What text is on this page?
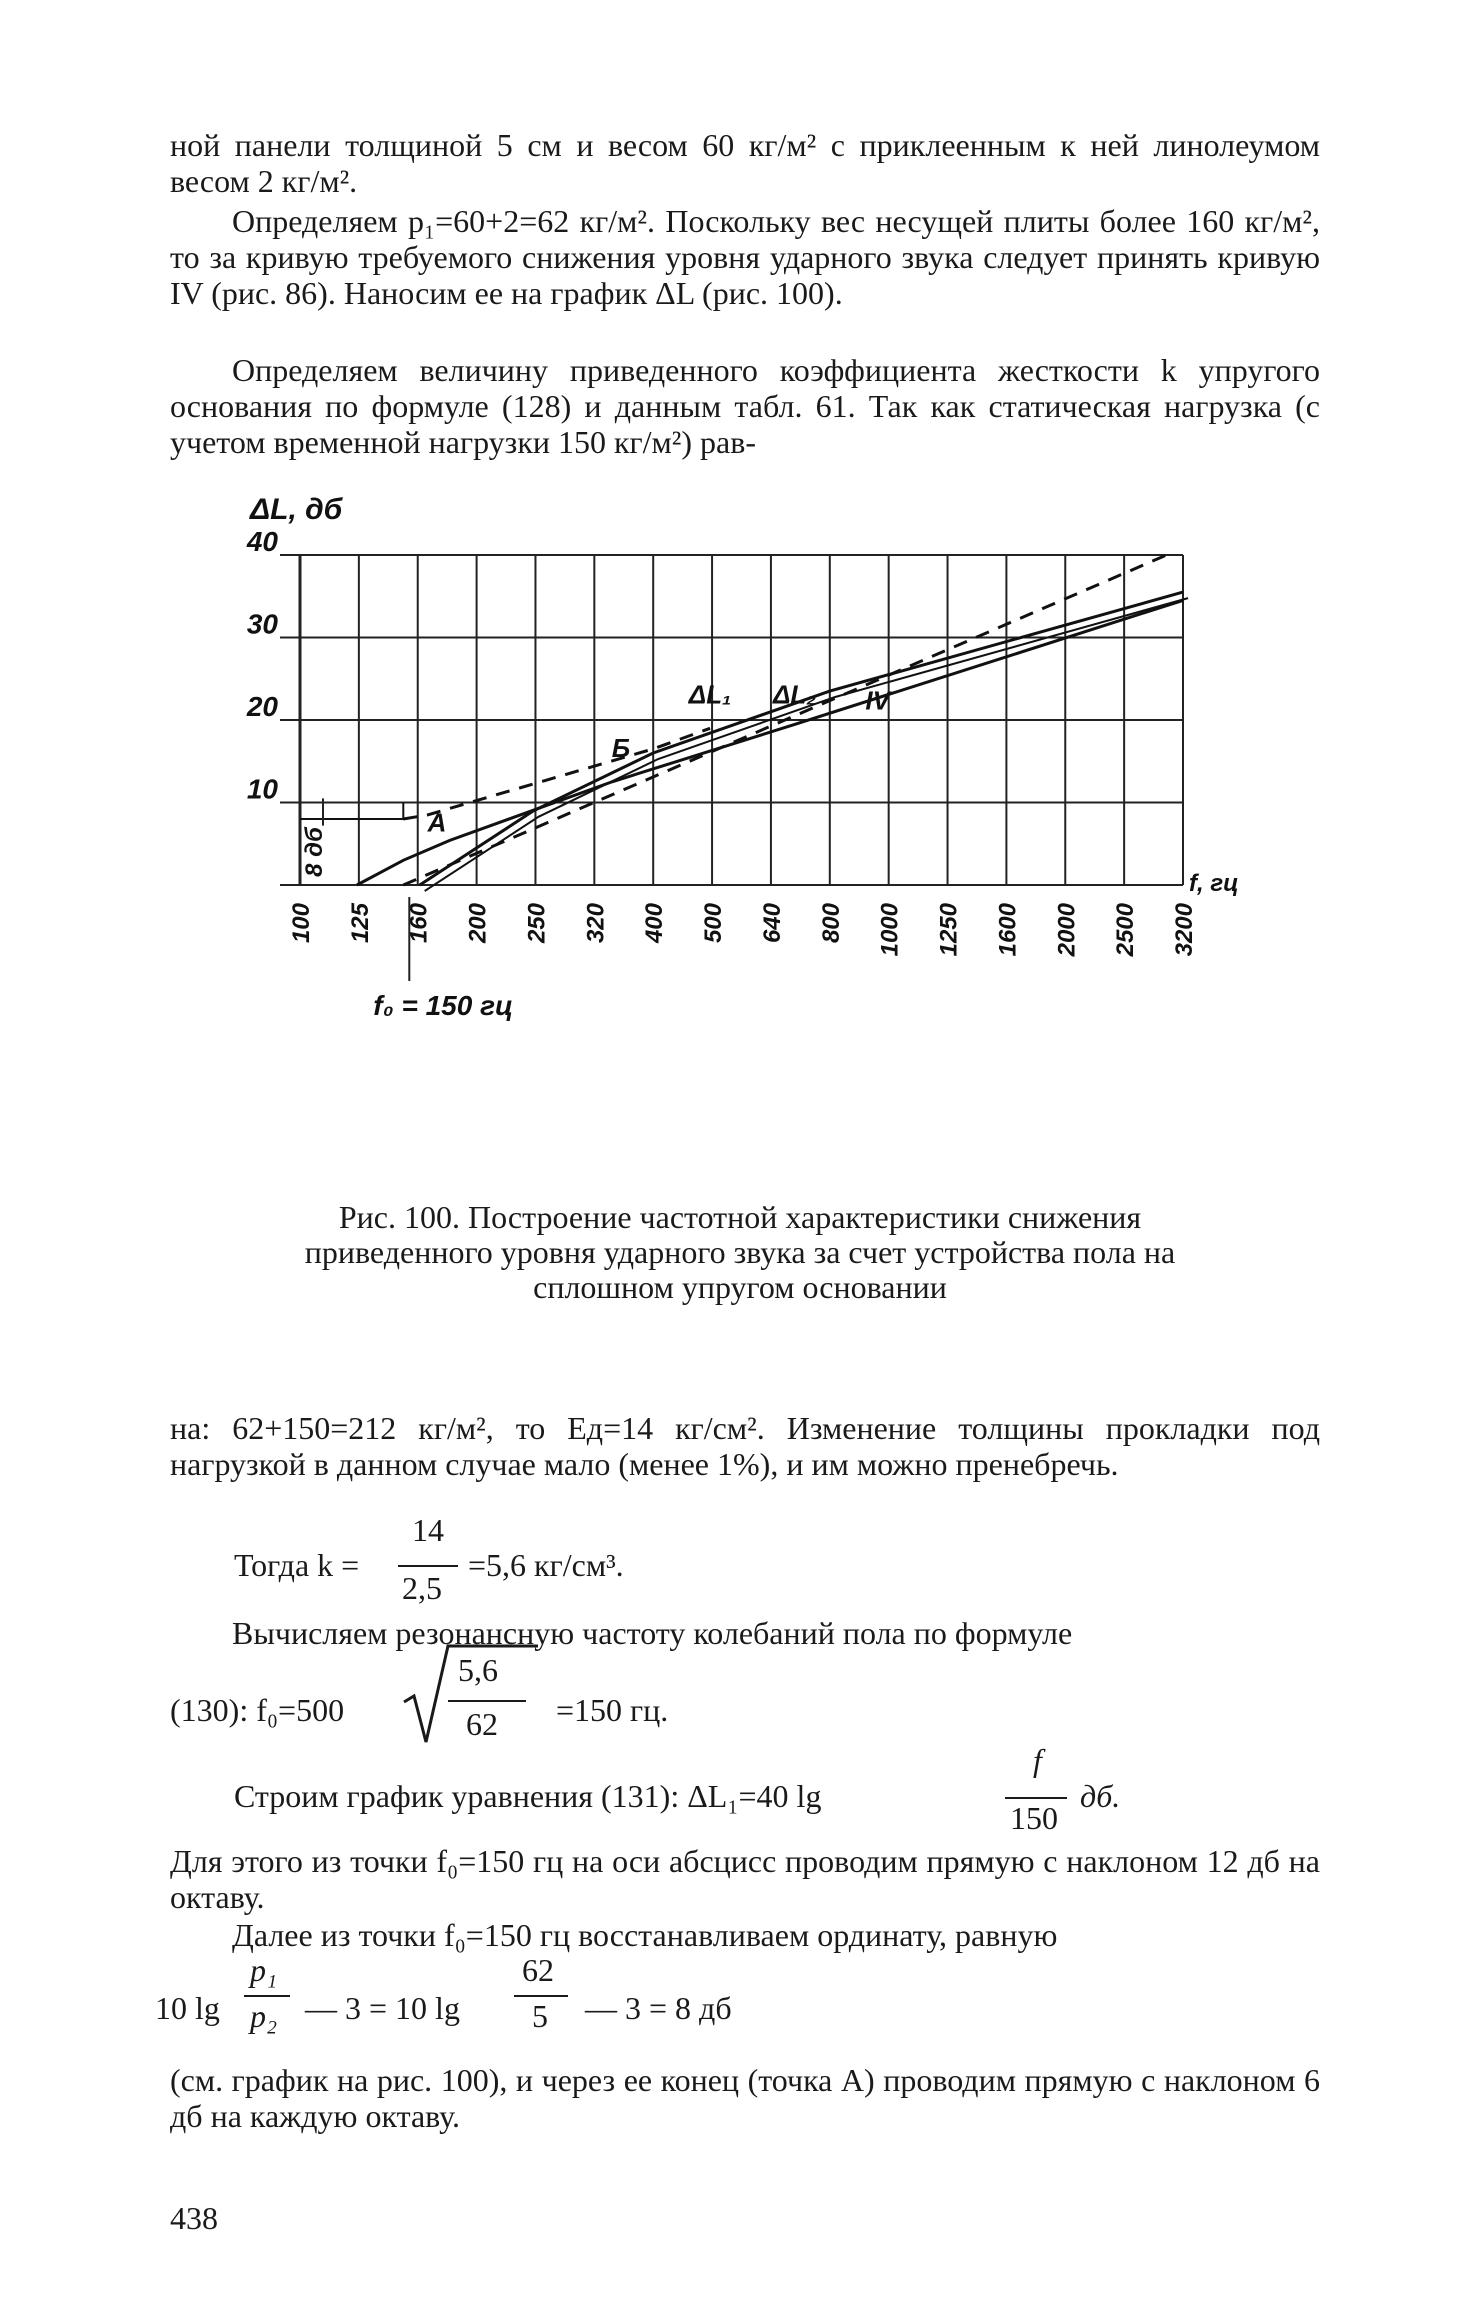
ной панели толщиной 5 см и весом 60 кг/м² с приклеенным к ней линолеумом весом 2 кг/м².

Определяем p₁=60+2=62 кг/м². Поскольку вес несущей плиты более 160 кг/м², то за кривую требуемого снижения уровня ударного звука следует принять кривую IV (рис. 86). Наносим ее на график ΔL (рис. 100).

Определяем величину приведенного коэффициента жесткости k упругого основания по формуле (128) и данным табл. 61. Так как статическая нагрузка (с учетом временной нагрузки 150 кг/м²) рав-

10
20
30
40
ΔL, дб
f, гц
100 125 160 200 250 320 400 500 640 800 1000 1250 1600 2000 2500 3200
f₀ = 150 гц
8 дб
A
Б
ΔL₁ ΔL₂ IV

Рис. 100. Построение частотной характеристики снижения приведенного уровня ударного звука за счет устройства пола на сплошном упругом основании

на: 62+150=212 кг/м², то Eд=14 кг/см². Изменение толщины прокладки под нагрузкой в данном случае мало (менее 1%), и им можно пренебречь.

Тогда k =
14
2,5
=5,6 кг/см³.

Вычисляем резонансную частоту колебаний пола по формуле

(130): f₀=500
5,6
62 =150 гц.
Строим график уравнения (131): ΔL₁=40 lg
f
150
дб.

Для этого из точки f₀=150 гц на оси абсцисс проводим прямую с наклоном 12 дб на октаву.

Далее из точки f₀=150 гц восстанавливаем ординату, равную

10 lg
p₁
p₂ — 3 = 10 lg
62
5 — 3 = 8 дб

(см. график на рис. 100), и через ее конец (точка A) проводим прямую с наклоном 6 дб на каждую октаву.

438
